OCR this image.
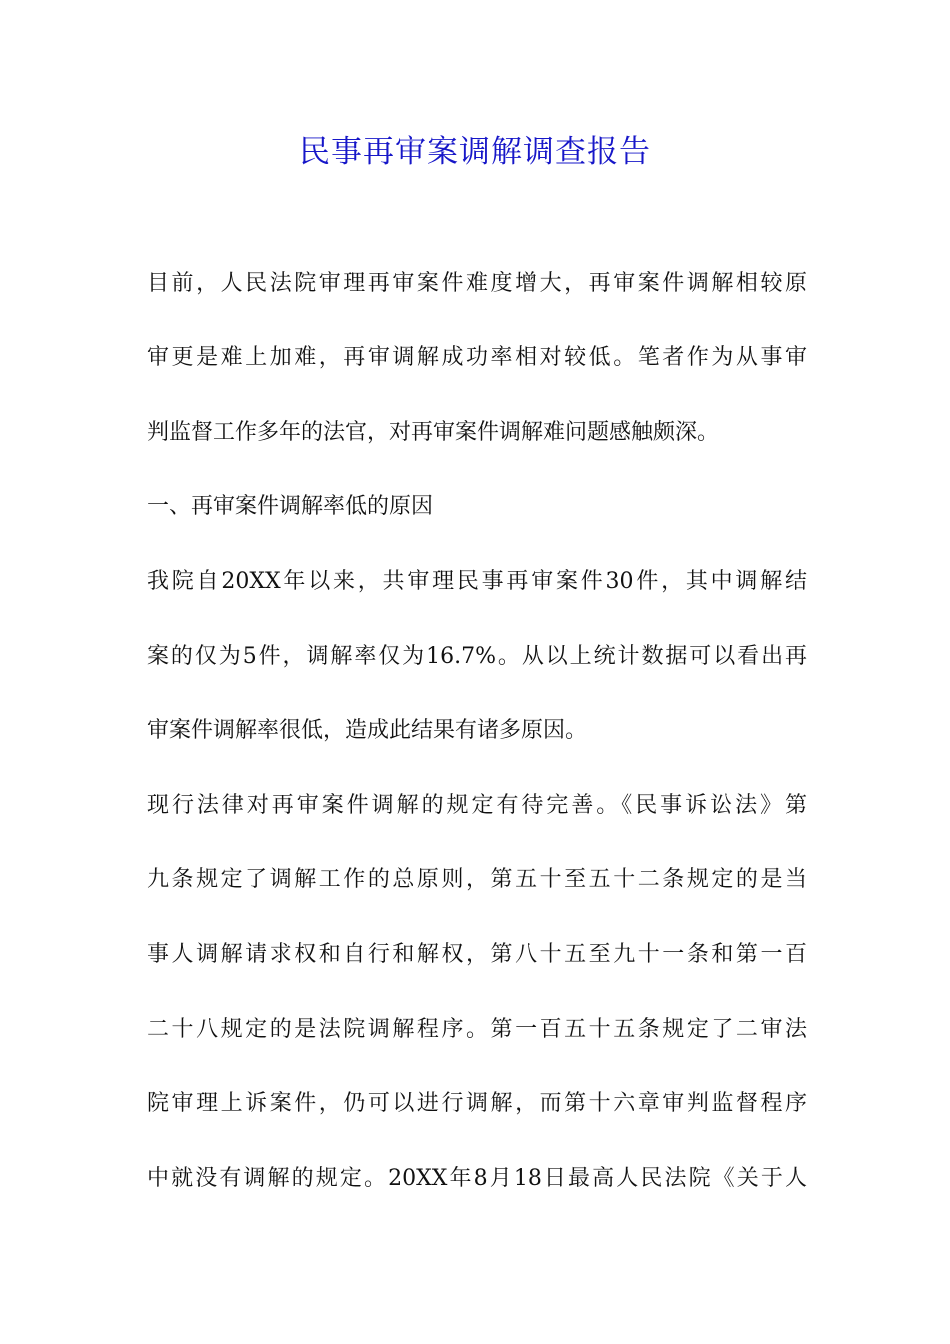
民事再审案调解调查报告
目前，人民法院审理再审案件难度增大，再审案件调解相较原
审更是难上加难，再审调解成功率相对较低。笔者作为从事审
判监督工作多年的法官，对再审案件调解难问题感触颇深。
一、再审案件调解率低的原因
我院自20XX年以来，共审理民事再审案件30件，其中调解结
案的仅为5件，调解率仅为16.7%。从以上统计数据可以看出再
审案件调解率很低，造成此结果有诸多原因。
现行法律对再审案件调解的规定有待完善。《民事诉讼法》第
九条规定了调解工作的总原则，第五十至五十二条规定的是当
事人调解请求权和自行和解权，第八十五至九十一条和第一百
二十八规定的是法院调解程序。第一百五十五条规定了二审法
院审理上诉案件，仍可以进行调解，而第十六章审判监督程序
中就没有调解的规定。20XX年8月18日最高人民法院《关于人
